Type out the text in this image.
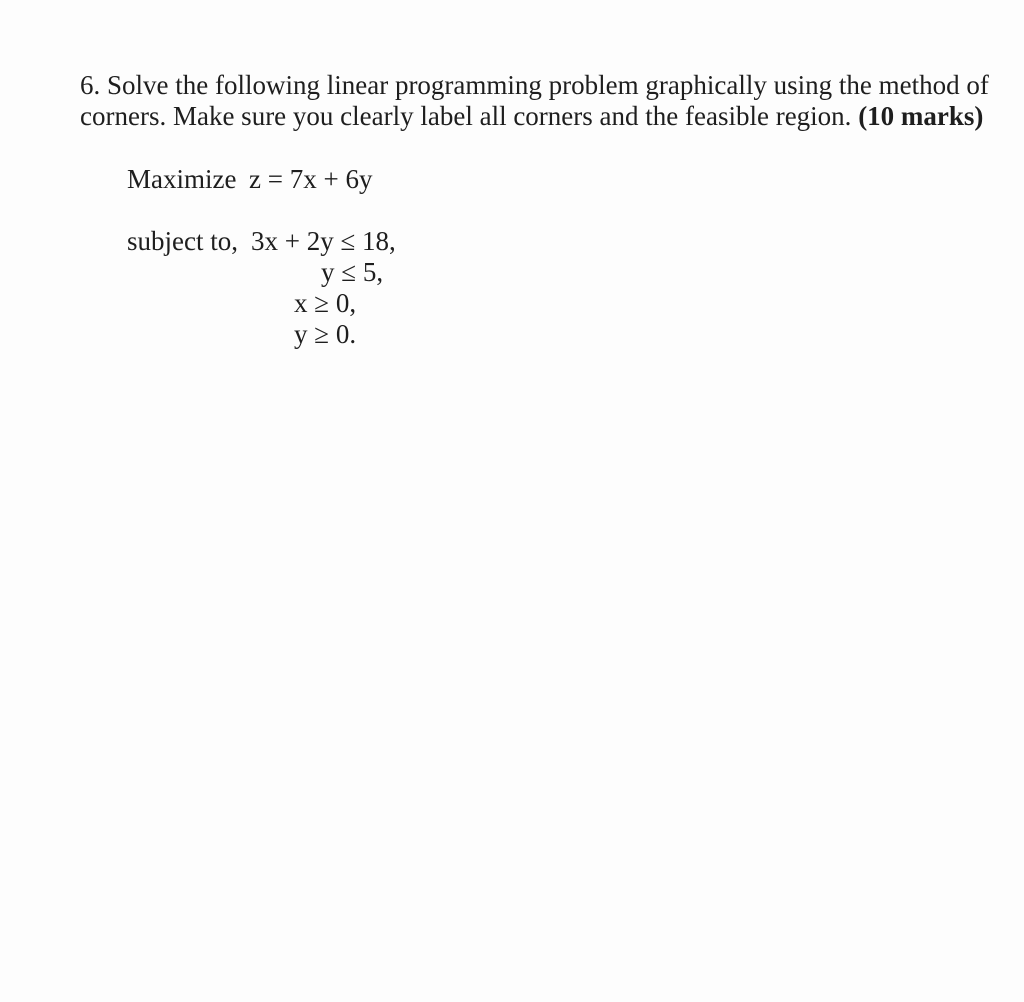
6. Solve the following linear programming problem graphically using the method of corners. Make sure you clearly label all corners and the feasible region. (10 marks)
Maximize z = 7x + 6y
subject to, 3x + 2y ≤ 18,
y ≤ 5,
x ≥ 0,
y ≥ 0.
